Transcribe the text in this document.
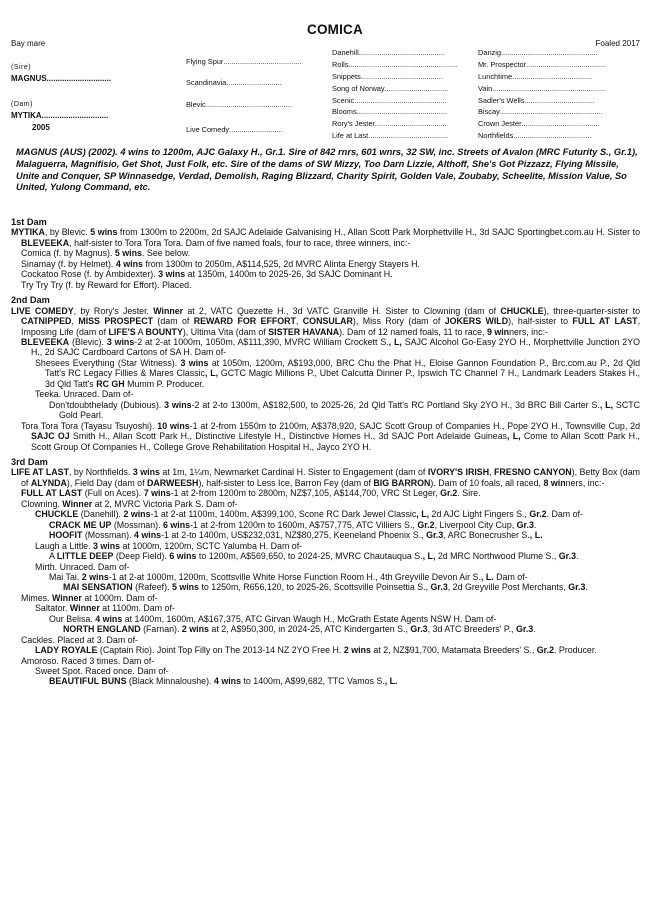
COMICA
Bay mare	Foaled 2017
(Sire)
MAGNUS.............................
(Dam)
MYTIKA..............................
2005
Flying Spur......................................
Scandinavia...........................
Blevic..........................................
Live Comedy..........................
Danehill..........................................
Rolls.....................................................
Snippets........................................
Song of Norway...............................
Scenic.............................................
Blooms............................................
Rory's Jester...................................
Life at Last.......................................
Danzig...............................................
Mr. Prospector.......................................
Lunchtime.......................................
Vain.......................................................
Sadler's Wells..................................
Biscay..................................................
Crown Jester......................................
Northfields......................................
MAGNUS (AUS) (2002). 4 wins to 1200m, AJC Galaxy H., Gr.1. Sire of 842 rnrs, 601 wnrs, 32 SW, inc. Streets of Avalon (MRC Futurity S., Gr.1), Malaguerra, Magnifisio, Get Shot, Just Folk, etc. Sire of the dams of SW Mizzy, Too Darn Lizzie, Althoff, She's Got Pizzazz, Flying Missile, Unite and Conquer, SP Winnasedge, Verdad, Demolish, Raging Blizzard, Charity Spirit, Golden Vale, Zoubaby, Scheelite, Mission Value, So United, Yulong Command, etc.
1st Dam
MYTIKA, by Blevic. 5 wins from 1300m to 2200m, 2d SAJC Adelaide Galvanising H., Allan Scott Park Morphettville H., 3d SAJC Sportingbet.com.au H. Sister to BLEVEEKA, half-sister to Tora Tora Tora. Dam of five named foals, four to race, three winners, inc:-
Comica (f. by Magnus). 5 wins. See below.
Sinamay (f. by Helmet). 4 wins from 1300m to 2050m, A$114,525, 2d MVRC Alinta Energy Stayers H.
Cockatoo Rose (f. by Ambidexter). 3 wins at 1350m, 1400m to 2025-26, 3d SAJC Dominant H.
Try Try Try (f. by Reward for Effort). Placed.
2nd Dam
LIVE COMEDY, by Rory's Jester. Winner at 2, VATC Quezette H., 3d VATC Granville H. Sister to Clowning (dam of CHUCKLE), three-quarter-sister to CATNIPPED, MISS PROSPECT (dam of REWARD FOR EFFORT, CONSULAR), Miss Rory (dam of JOKERS WILD), half-sister to FULL AT LAST, Imposing Life (dam of LIFE'S A BOUNTY), Ultima Vita (dam of SISTER HAVANA). Dam of 12 named foals, 11 to race, 9 winners, inc:-
BLEVEEKA (Blevic). 3 wins-2 at 2-at 1000m, 1050m, A$111,390, MVRC William Crockett S., L, SAJC Alcohol Go-Easy 2YO H., Morphettville Junction 2YO H., 2d SAJC Cardboard Cartons of SA H. Dam of-
Shesees Everything (Star Witness). 3 wins at 1050m, 1200m, A$193,000, BRC Chu the Phat H., Eloise Gannon Foundation P., Brc.com.au P., 2d Qld Tatt's RC Legacy Fillies & Mares Classic, L, GCTC Magic Millions P., Ubet Calcutta Dinner P., Ipswich TC Channel 7 H., Landmark Leaders Stakes H., 3d Qld Tatt's RC GH Mumm P. Producer.
Teeka. Unraced. Dam of-
Don'tdoubthelady (Dubious). 3 wins-2 at 2-to 1300m, A$182,500, to 2025-26, 2d Qld Tatt's RC Portland Sky 2YO H., 3d BRC Bill Carter S., L, SCTC Gold Pearl.
Tora Tora Tora (Tayasu Tsuyoshi). 10 wins-1 at 2-from 1550m to 2100m, A$378,920, SAJC Scott Group of Companies H., Pope 2YO H., Townsville Cup, 2d SAJC OJ Smith H., Allan Scott Park H., Distinctive Lifestyle H., Distinctive Homes H., 3d SAJC Port Adelaide Guineas, L, Come to Allan Scott Park H., Scott Group Of Companies H., College Grove Rehabilitation Hospital H., Jayco 2YO H.
3rd Dam
LIFE AT LAST, by Northfields. 3 wins at 1m, 1¼m, Newmarket Cardinal H. Sister to Engagement (dam of IVORY'S IRISH, FRESNO CANYON), Betty Box (dam of ALYNDA), Field Day (dam of DARWEESH), half-sister to Less Ice, Barron Fey (dam of BIG BARRON). Dam of 10 foals, all raced, 8 winners, inc:-
FULL AT LAST (Full on Aces). 7 wins-1 at 2-from 1200m to 2800m, NZ$7,105, A$144,700, VRC St Leger, Gr.2. Sire.
Clowning. Winner at 2, MVRC Victoria Park S. Dam of-
CHUCKLE (Danehill). 2 wins-1 at 2-at 1100m, 1400m, A$399,100, Scone RC Dark Jewel Classic, L, 2d AJC Light Fingers S., Gr.2. Dam of-
CRACK ME UP (Mossman). 6 wins-1 at 2-from 1200m to 1600m, A$757,775, ATC Villiers S., Gr.2, Liverpool City Cup, Gr.3.
HOOFIT (Mossman). 4 wins-1 at 2-to 1400m, US$232,031, NZ$80,275, Keeneland Phoenix S., Gr.3, ARC Bonecrusher S., L.
Laugh a Little. 3 wins at 1000m, 1200m, SCTC Yalumba H. Dam of-
A LITTLE DEEP (Deep Field). 6 wins to 1200m, A$569,650, to 2024-25, MVRC Chautauqua S., L, 2d MRC Northwood Plume S., Gr.3.
Mirth. Unraced. Dam of-
Mai Tai. 2 wins-1 at 2-at 1000m, 1200m, Scottsville White Horse Function Room H., 4th Greyville Devon Air S., L. Dam of-
MAI SENSATION (Rafeef). 5 wins to 1250m, R656,120, to 2025-26, Scottsville Poinsettia S., Gr.3, 2d Greyville Post Merchants, Gr.3.
Mimes. Winner at 1000m. Dam of-
Saltator. Winner at 1100m. Dam of-
Our Belisa. 4 wins at 1400m, 1600m, A$167,375, ATC Girvan Waugh H., McGrath Estate Agents NSW H. Dam of-
NORTH ENGLAND (Farnan). 2 wins at 2, A$950,300, in 2024-25, ATC Kindergarten S., Gr.3, 3d ATC Breeders' P., Gr.3.
Cackles. Placed at 3. Dam of-
LADY ROYALE (Captain Rio). Joint Top Filly on The 2013-14 NZ 2YO Free H. 2 wins at 2, NZ$91,700, Matamata Breeders' S., Gr.2. Producer.
Amoroso. Raced 3 times. Dam of-
Sweet Spot. Raced once. Dam of-
BEAUTIFUL BUNS (Black Minnaloushe). 4 wins to 1400m, A$99,682, TTC Vamos S., L.
